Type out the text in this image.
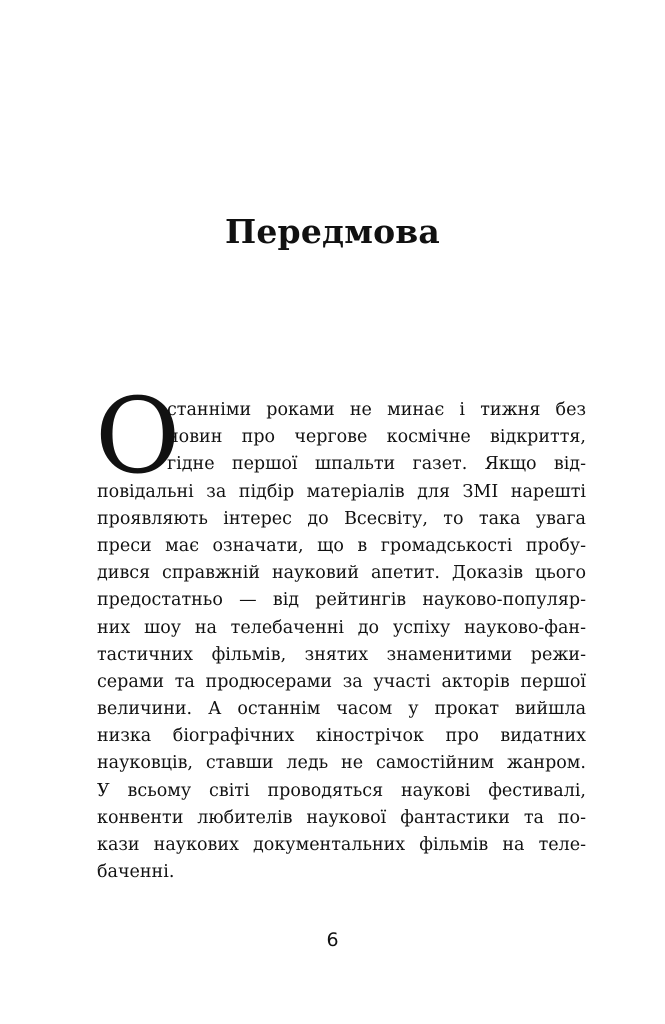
Передмова
О
станніми роками не минає і тижня без
новин про чергове космічне відкриття,
гідне першої шпальти газет. Якщо від-
повідальні за підбір матеріалів для ЗМІ нарешті
проявляють інтерес до Всесвіту, то така увага
преси має означати, що в громадськості пробу-
дився справжній науковий апетит. Доказів цього
предостатньо — від рейтингів науково-популяр-
них шоу на телебаченні до успіху науково-фан-
тастичних фільмів, знятих знаменитими режи-
серами та продюсерами за участі акторів першої
величини. А останнім часом у прокат вийшла
низка біографічних кінострічок про видатних
науковців, ставши ледь не самостійним жанром.
У всьому світі проводяться наукові фестивалі,
конвенти любителів наукової фантастики та по-
кази наукових документальних фільмів на теле-
баченні.
6
